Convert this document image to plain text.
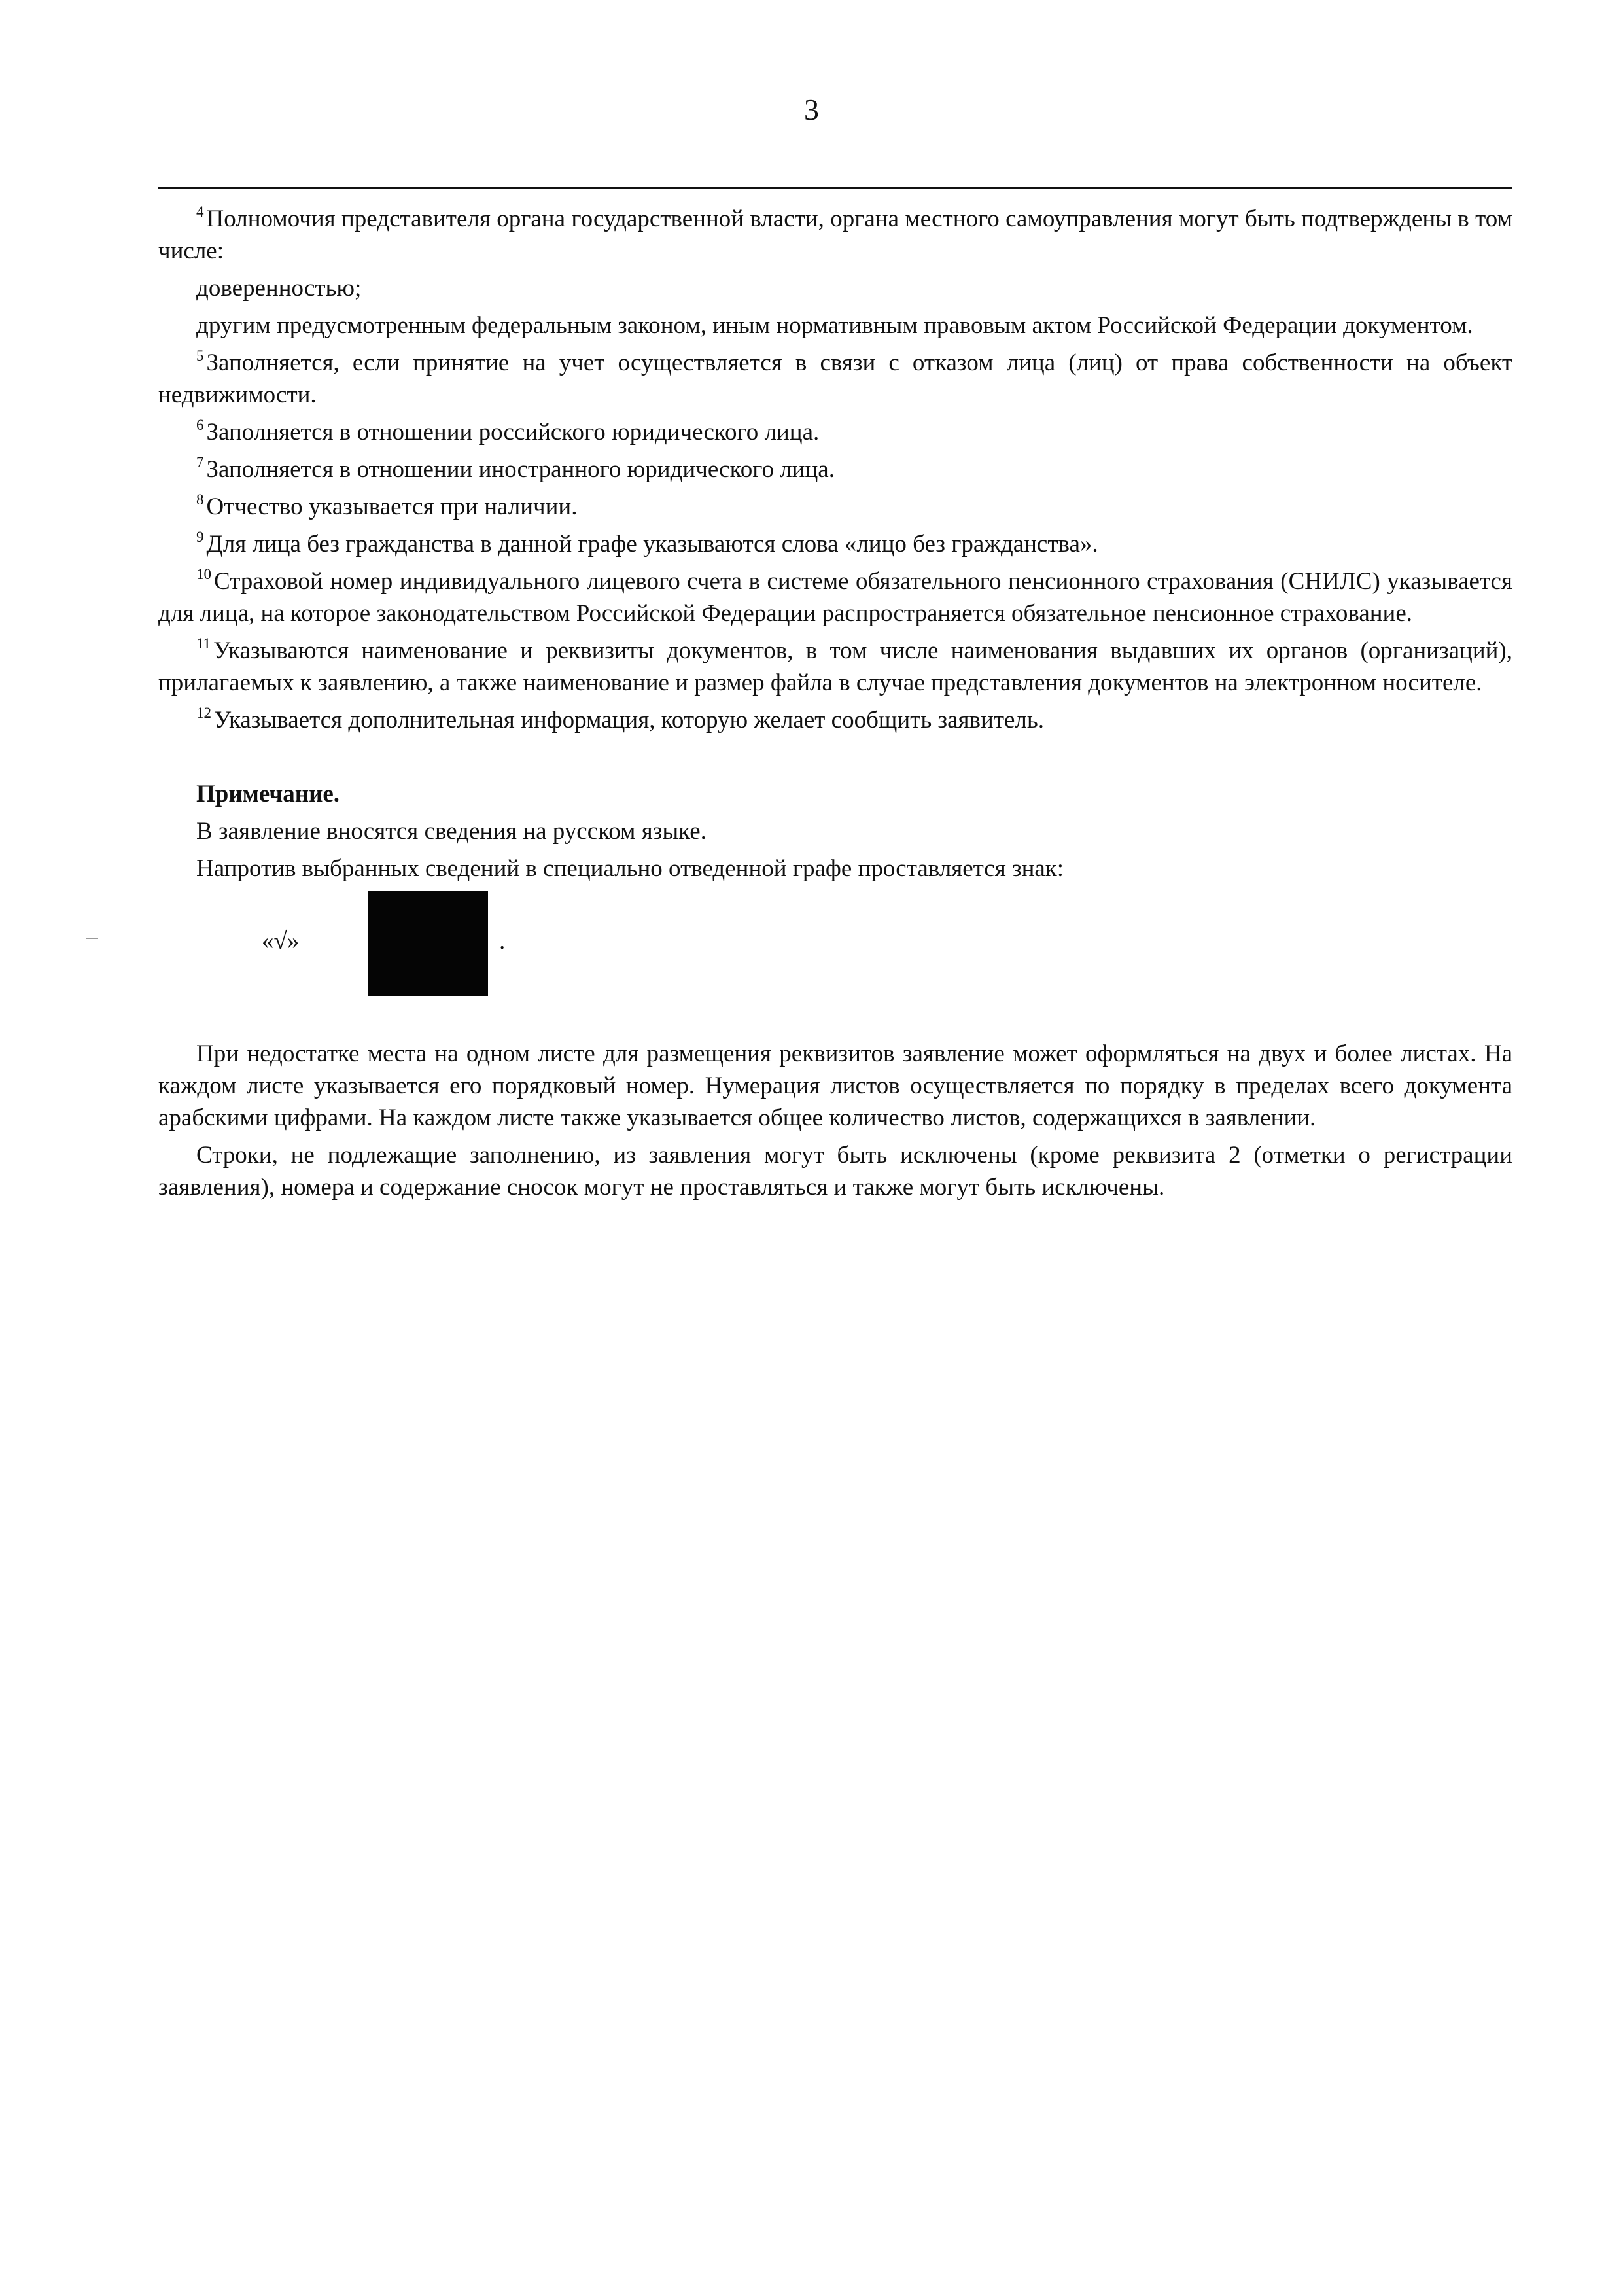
3

$^4$ Полномочия представителя органа государственной власти, органа местного самоуправления могут быть подтверждены в том числе:

доверенностью;

другим предусмотренным федеральным законом, иным нормативным правовым актом Российской Федерации документом.

$^5$ Заполняется, если принятие на учет осуществляется в связи с отказом лица (лиц) от права собственности на объект недвижимости.

$^6$ Заполняется в отношении российского юридического лица.

$^7$ Заполняется в отношении иностранного юридического лица.

$^8$ Отчество указывается при наличии.

$^9$ Для лица без гражданства в данной графе указываются слова «лицо без гражданства».

$^{10}$ Страховой номер индивидуального лицевого счета в системе обязательного пенсионного страхования (СНИЛС) указывается для лица, на которое законодательством Российской Федерации распространяется обязательное пенсионное страхование.

$^{11}$ Указываются наименование и реквизиты документов, в том числе наименования выдавших их органов (организаций), прилагаемых к заявлению, а также наименование и размер файла в случае представления документов на электронном носителе.

$^{12}$ Указывается дополнительная информация, которую желает сообщить заявитель.

Примечание.

В заявление вносятся сведения на русском языке.

Напротив выбранных сведений в специально отведенной графе проставляется знак:

«√»	.

При недостатке места на одном листе для размещения реквизитов заявление может оформляться на двух и более листах. На каждом листе указывается его порядковый номер. Нумерация листов осуществляется по порядку в пределах всего документа арабскими цифрами. На каждом листе также указывается общее количество листов, содержащихся в заявлении.

Строки, не подлежащие заполнению, из заявления могут быть исключены (кроме реквизита 2 (отметки о регистрации заявления), номера и содержание сносок могут не проставляться и также могут быть исключены.
